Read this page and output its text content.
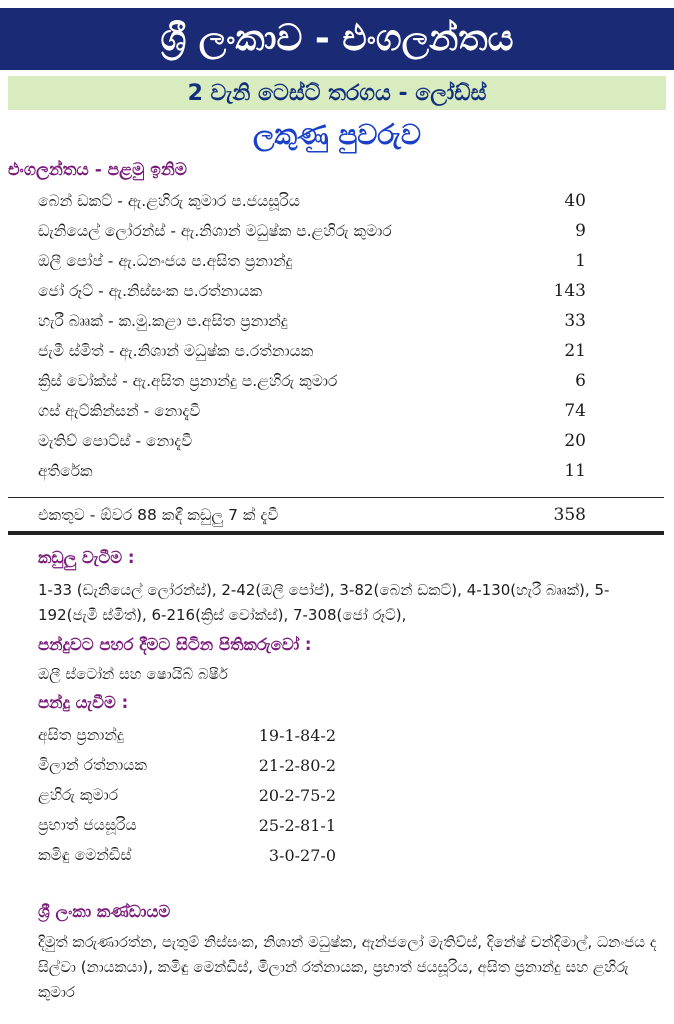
ශ්‍රී ලංකාව - එංගලන්තය
2 වැනි ටෙස්ට් තරගය - ලෝඩ්ස්
ලකුණු පුවරුව
එංගලන්තය - පළමු ඉනිම
බෙන් ඩකට් - ඇ.ළහිරු කුමාර ප.ජයසූරිය	40
ඩැනියෙල් ලෝරන්ස් - ඇ.නිශාන් මධුෂ්ක ප.ළහිරු කුමාර	9
ඔලී පෝප් - ඇ.ධනංජය ප.අසිත ප්‍රනාන්දු	1
ජෝ රූට් - ඇ.නිස්සංක ප.රත්නායක	143
හැරී බෲක් - ක.මු.කළා ප.අසිත ප්‍රනාන්දු	33
ජැමී ස්මිත් - ඇ.නිශාන් මධුෂ්ක ප.රත්නායක	21
ක්‍රිස් වෝක්ස් - ඇ.අසිත ප්‍රනාන්දු ප.ළහිරු කුමාර	6
ගස් ඇට්කින්සන් - නොදැවී	74
මැතිව් පොට්ස් - නොදැවී	20
අතිරේක	11
එකතුව - ඕවර 88 කඳී කඩුලු 7 ක් දැවී	358
කඩුලු වැටීම :
1-33 (ඩැනියෙල් ලෝරන්ස්), 2-42(ඔලී පෝප්), 3-82(බෙන් ඩකට්), 4-130(හැරී බෲක්), 5-192(ජැමී ස්මිත්), 6-216(ක්‍රිස් වෝක්ස්), 7-308(ජෝ රූට්),
පන්දුවට පහර දීමට සිටින පිතිකරුවෝ :
ඔලී ස්ටෝන් සහ ෂොයිබ් බෂීර්
පන්දු යැවීම :
අසිත ප්‍රනාන්දු	19-1-84-2
මිලාන් රත්නායක	21-2-80-2
ළහිරු කුමාර	20-2-75-2
ප්‍රභාත් ජයසූරිය	25-2-81-1
කමිඳු මෙන්ඩිස්	3-0-27-0
ශ්‍රී ලංකා කණ්ඩායම
දිමුත් කරුණාරත්න, පැතුම් නිස්සංක, නිශාන් මධුෂ්ක, ඇන්ජලෝ මැතිව්ස්, දිනේෂ් චන්දිමාල්, ධනංජය ද සිල්වා (නායකයා), කමිඳු මෙන්ඩිස්, මිලාන් රත්නායක, ප්‍රභාත් ජයසූරිය, අසිත ප්‍රනාන්දු සහ ළහිරු කුමාර
